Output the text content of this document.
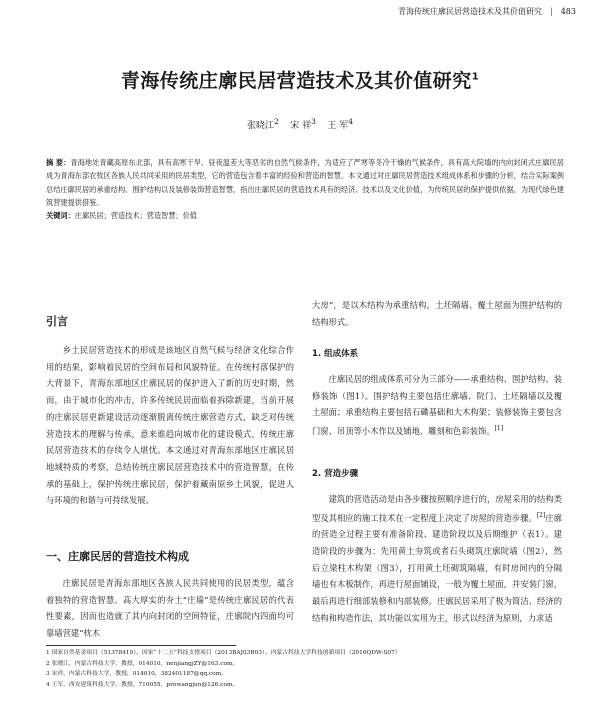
青海传统庄廓民居营造技术及其价值研究 | 483
青海传统庄廓民居营造技术及其价值研究$^1$
张晓江$^2$ 宋 祥$^3$ 王 军$^4$
摘 要：青海地处青藏高原东北部，具有高寒干旱、昼夜温差大等恶劣的自然气候条件，为适应了严寒等冬冷干燥的气候条件，具有高大院墙的内向封闭式庄廓民居成为青海东部农牧区各族人民共同采用的民居类型，它的营造包含着丰富的经验和营造的智慧。本文通过对庄廓民居营造技术组成体系和步骤的分析，结合实际案例总结庄廓民居的承重结构、围护结构以及装修装饰营造智慧，指出庄廓民居的营造技术具有的经济、技术以及文化价值，为传统民居的保护提供依据，为现代绿色建筑营建提供借鉴。
关键词：庄廓民居；营造技术；营造智慧；价值
引言

乡土民居营造技术的形成是该地区自然气候与经济文化综合作用的结果，影响着民居的空间布局和风貌特征。在传统村落保护的大背景下，青海东部地区庄廓民居的保护进入了新的历史时期，然而，由于城市化的冲击，许多传统民居面临着拆除新建，当前开展的庄廓民居更新建设活动逐渐脱离传统庄廓营造方式，缺乏对传统营造技术的理解与传承，意来谁趋向城市化的建设模式，传统庄廓民居营造技术的存续令人堪忧。本文通过对青海东部地区庄廓民居地域特质的考察，总结传统庄廓民居营造技术中的营造智慧，在传承的基础上，保护传统庄廓民居，保护着藏南原乡土风貌，促进人与环境的和谐与可持续发展。

一、庄廓民居的营造技术构成

庄廓民居是青海东部地区各族人民共同使用的民居类型，蕴含着独特的营造智慧。高大厚实的夯土“庄墙”是传统庄廓民居的代表性要素，因而也造就了其内向封闭的空间特征，庄廓院内四面均可靠墙营建“枕木

大房”，是以木结构为承重结构，土坯隔墙、覆土屋面为围护结构的结构形式。

1. 组成体系

庄廓民居的组成体系可分为三部分——承重结构、围护结构、装修装饰（图1）。围护结构主要包括庄廓墙、院门、土坯隔墙以及覆土屋面；承重结构主要包括石磡基础和大木构架；装修装饰主要包含门窗、吊顶等小木作以及铺地、雕刻和色彩装饰。[1]

2. 营造步骤

建筑的营造活动是由各步骤按照顺序进行的，房屋采用的结构类型及其相应的施工技术在一定程度上决定了房屋的营造步骤。[2]庄廓的营造全过程主要有准备阶段、建造阶段以及后期维护（表1）。建造阶段的步骤为：先用黄土夯筑或者石头砌筑庄廓院墙（图2），然后立梁柱木构架（图3），打用黄土坯砌筑隔墙，有时房间内的分隔墙也有木板制作，再进行屋面铺设，一般为覆土屋面，并安装门窗，最后再进行细部装修和内部装修。庄廓民居采用了极为简洁、经济的结构和构造作法，其功能以实用为主，形式以经济为原则，力求适

1 国家自然基金项目（51378419）、国家“十二五”科技支撑项目（2013BAJ03B03）、内蒙古科技大学科技创新项目（2016QDW-S07）
2 张晓江，内蒙古科技大学，教授，014010，nenjiangjZY@163.com。
3 宋祥，内蒙古科技大学，教授，014010，382401187@qq.com。
4 王军，西安建筑科技大学，教授，710055，prowangjun@126.com。
